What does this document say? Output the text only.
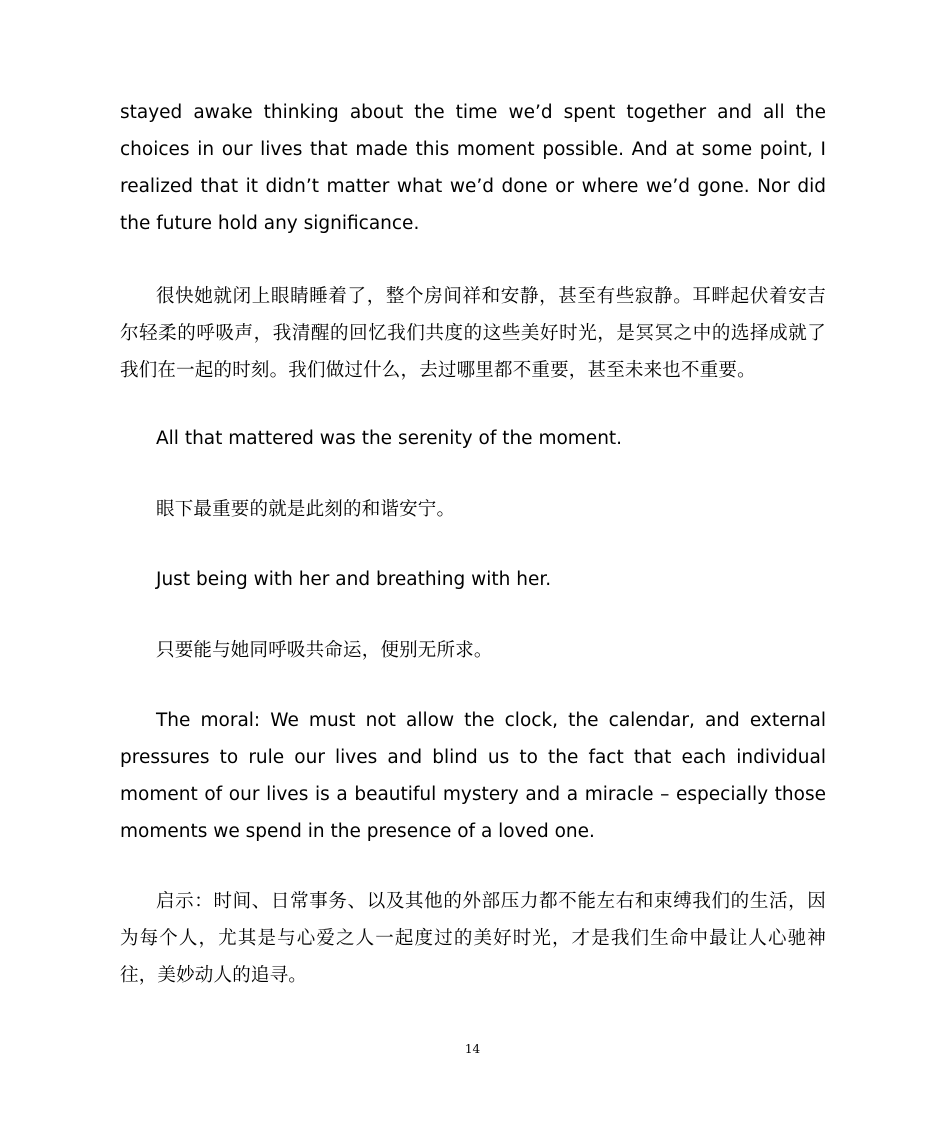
stayed awake thinking about the time we’d spent together and all the choices in our lives that made this moment possible. And at some point, I realized that it didn’t matter what we’d done or where we’d gone. Nor did the future hold any significance.

很快她就闭上眼睛睡着了，整个房间祥和安静，甚至有些寂静。耳畔起伏着安吉尔轻柔的呼吸声，我清醒的回忆我们共度的这些美好时光，是冥冥之中的选择成就了我们在一起的时刻。我们做过什么，去过哪里都不重要，甚至未来也不重要。

All that mattered was the serenity of the moment.

眼下最重要的就是此刻的和谐安宁。

Just being with her and breathing with her.

只要能与她同呼吸共命运，便别无所求。

The moral: We must not allow the clock, the calendar, and external pressures to rule our lives and blind us to the fact that each individual moment of our lives is a beautiful mystery and a miracle – especially those moments we spend in the presence of a loved one.

启示：时间、日常事务、以及其他的外部压力都不能左右和束缚我们的生活，因为每个人，尤其是与心爱之人一起度过的美好时光，才是我们生命中最让人心驰神往，美妙动人的追寻。

14
